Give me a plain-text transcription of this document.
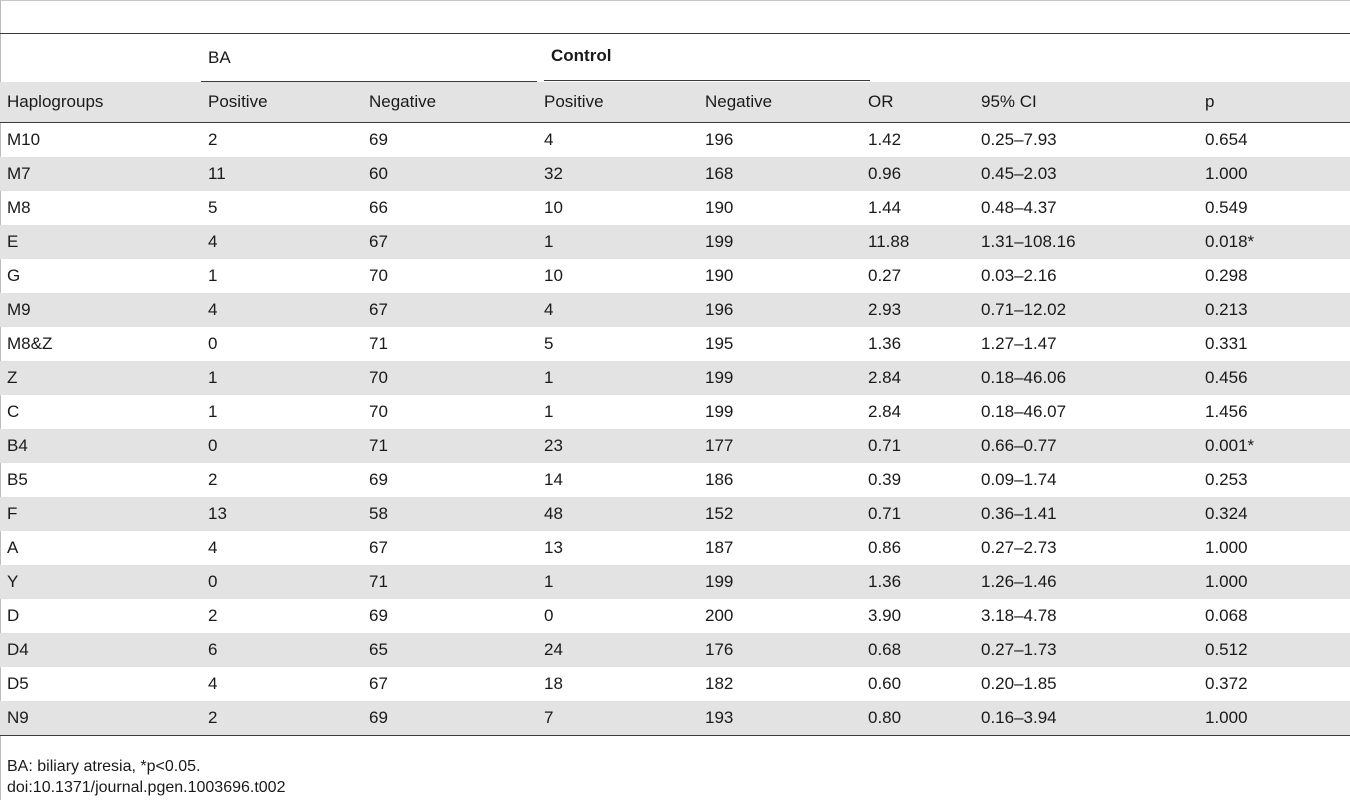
	BA			Control			

Haplogroups	Positive	Negative	Positive	Negative	OR	95% CI	p
M10	2	69	4	196	1.42	0.25–7.93	0.654
M7	11	60	32	168	0.96	0.45–2.03	1.000
M8	5	66	10	190	1.44	0.48–4.37	0.549
E	4	67	1	199	11.88	1.31–108.16	0.018*
G	1	70	10	190	0.27	0.03–2.16	0.298
M9	4	67	4	196	2.93	0.71–12.02	0.213
M8&Z	0	71	5	195	1.36	1.27–1.47	0.331
Z	1	70	1	199	2.84	0.18–46.06	0.456
C	1	70	1	199	2.84	0.18–46.07	1.456
B4	0	71	23	177	0.71	0.66–0.77	0.001*
B5	2	69	14	186	0.39	0.09–1.74	0.253
F	13	58	48	152	0.71	0.36–1.41	0.324
A	4	67	13	187	0.86	0.27–2.73	1.000
Y	0	71	1	199	1.36	1.26–1.46	1.000
D	2	69	0	200	3.90	3.18–4.78	0.068
D4	6	65	24	176	0.68	0.27–1.73	0.512
D5	4	67	18	182	0.60	0.20–1.85	0.372
N9	2	69	7	193	0.80	0.16–3.94	1.000
BA: biliary atresia, *p<0.05.
doi:10.1371/journal.pgen.1003696.t002
